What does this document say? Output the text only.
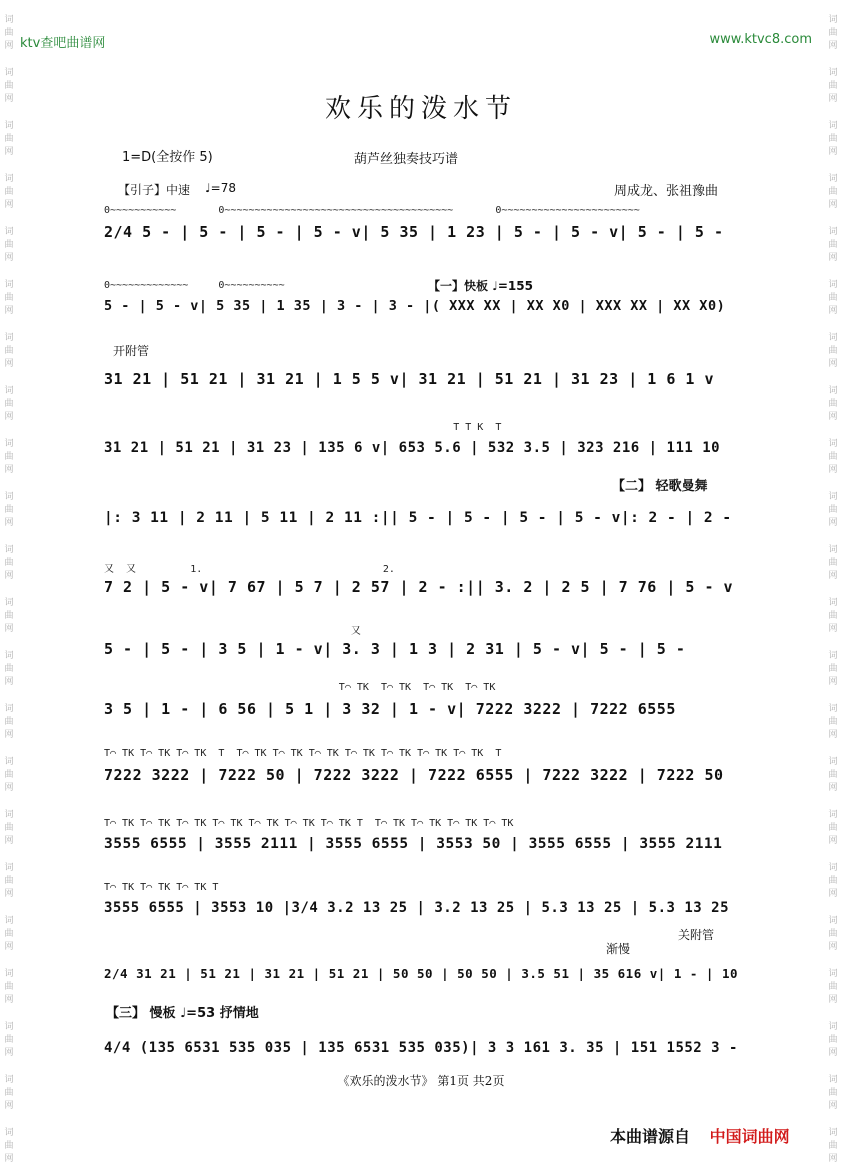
词
曲
网
词
曲
网
词
曲
网
词
曲
网
词
曲
网
词
曲
网
词
曲
网
词
曲
网
词
曲
网
词
曲
网
词
曲
网
词
曲
网
词
曲
网
词
曲
网
词
曲
网
词
曲
网
词
曲
网
词
曲
网
词
曲
网
词
曲
网
词
曲
网
词
曲
网
词
曲
网
词
曲
网
词
曲
网
词
曲
网
词
曲
网
词
曲
网
词
曲
网
词
曲
网
词
曲
网
词
曲
网
词
曲
网
词
曲
网
词
曲
网
词
曲
网
词
曲
网
词
曲
网
词
曲
网
词
曲
网
词
曲
网
词
曲
网
词
曲
网
词
曲
网
ktv查吧曲谱网	www.ktvc8.com
欢乐的泼水节
1=D(全按作 5)	葫芦丝独奏技巧谱
【引子】中速 ♩=78	周成龙、张祖豫曲
【一】快板 ♩=155
【二】 轻歌曼舞
【三】 慢板 ♩=53 抒情地
开附管
关附管
渐慢
0~~~~~~~~~~~       0~~~~~~~~~~~~~~~~~~~~~~~~~~~~~~~~~~~~~~       0~~~~~~~~~~~~~~~~~~~~~~~
2/4 5 - | 5 - | 5 - | 5 - v| 5 35 | 1 23 | 5 - | 5 - v| 5 - | 5 -
0~~~~~~~~~~~~~     0~~~~~~~~~~
5 - | 5 - v| 5 35 | 1 35 | 3 - | 3 - |( XXX XX | XX X0 | XXX XX | XX X0)
31 21 | 51 21 | 31 21 | 1 5 5 v| 31 21 | 51 21 | 31 23 | 1 6 1 v
T T K  T
31 21 | 51 21 | 31 23 | 135 6 v| 653 5.6 | 532 3.5 | 323 216 | 111 10
|: 3 11 | 2 11 | 5 11 | 2 11 :|| 5 - | 5 - | 5 - | 5 - v|: 2 - | 2 -
又  又         1.                              2.
7 2 | 5 - v| 7 67 | 5 7 | 2 57 | 2 - :|| 3. 2 | 2 5 | 7 76 | 5 - v
又
5 - | 5 - | 3 5 | 1 - v| 3. 3 | 1 3 | 2 31 | 5 - v| 5 - | 5 -
T⌒ TK  T⌒ TK  T⌒ TK  T⌒ TK
3 5 | 1 - | 6 56 | 5 1 | 3 32 | 1 - v| 7222 3222 | 7222 6555
T⌒ TK T⌒ TK T⌒ TK  T  T⌒ TK T⌒ TK T⌒ TK T⌒ TK T⌒ TK T⌒ TK T⌒ TK  T
7222 3222 | 7222 50 | 7222 3222 | 7222 6555 | 7222 3222 | 7222 50
T⌒ TK T⌒ TK T⌒ TK T⌒ TK T⌒ TK T⌒ TK T⌒ TK T  T⌒ TK T⌒ TK T⌒ TK T⌒ TK
3555 6555 | 3555 2111 | 3555 6555 | 3553 50 | 3555 6555 | 3555 2111
T⌒ TK T⌒ TK T⌒ TK T
3555 6555 | 3553 10 |3/4 3.2 13 25 | 3.2 13 25 | 5.3 13 25 | 5.3 13 25
2/4 31 21 | 51 21 | 31 21 | 51 21 | 50 50 | 50 50 | 3.5 51 | 35 616 v| 1 - | 10
4/4 (135 6531 535 035 | 135 6531 535 035)| 3 3 161 3. 35 | 151 1552 3 -
《欢乐的泼水节》 第1页 共2页
本曲谱源自 中国词曲网
